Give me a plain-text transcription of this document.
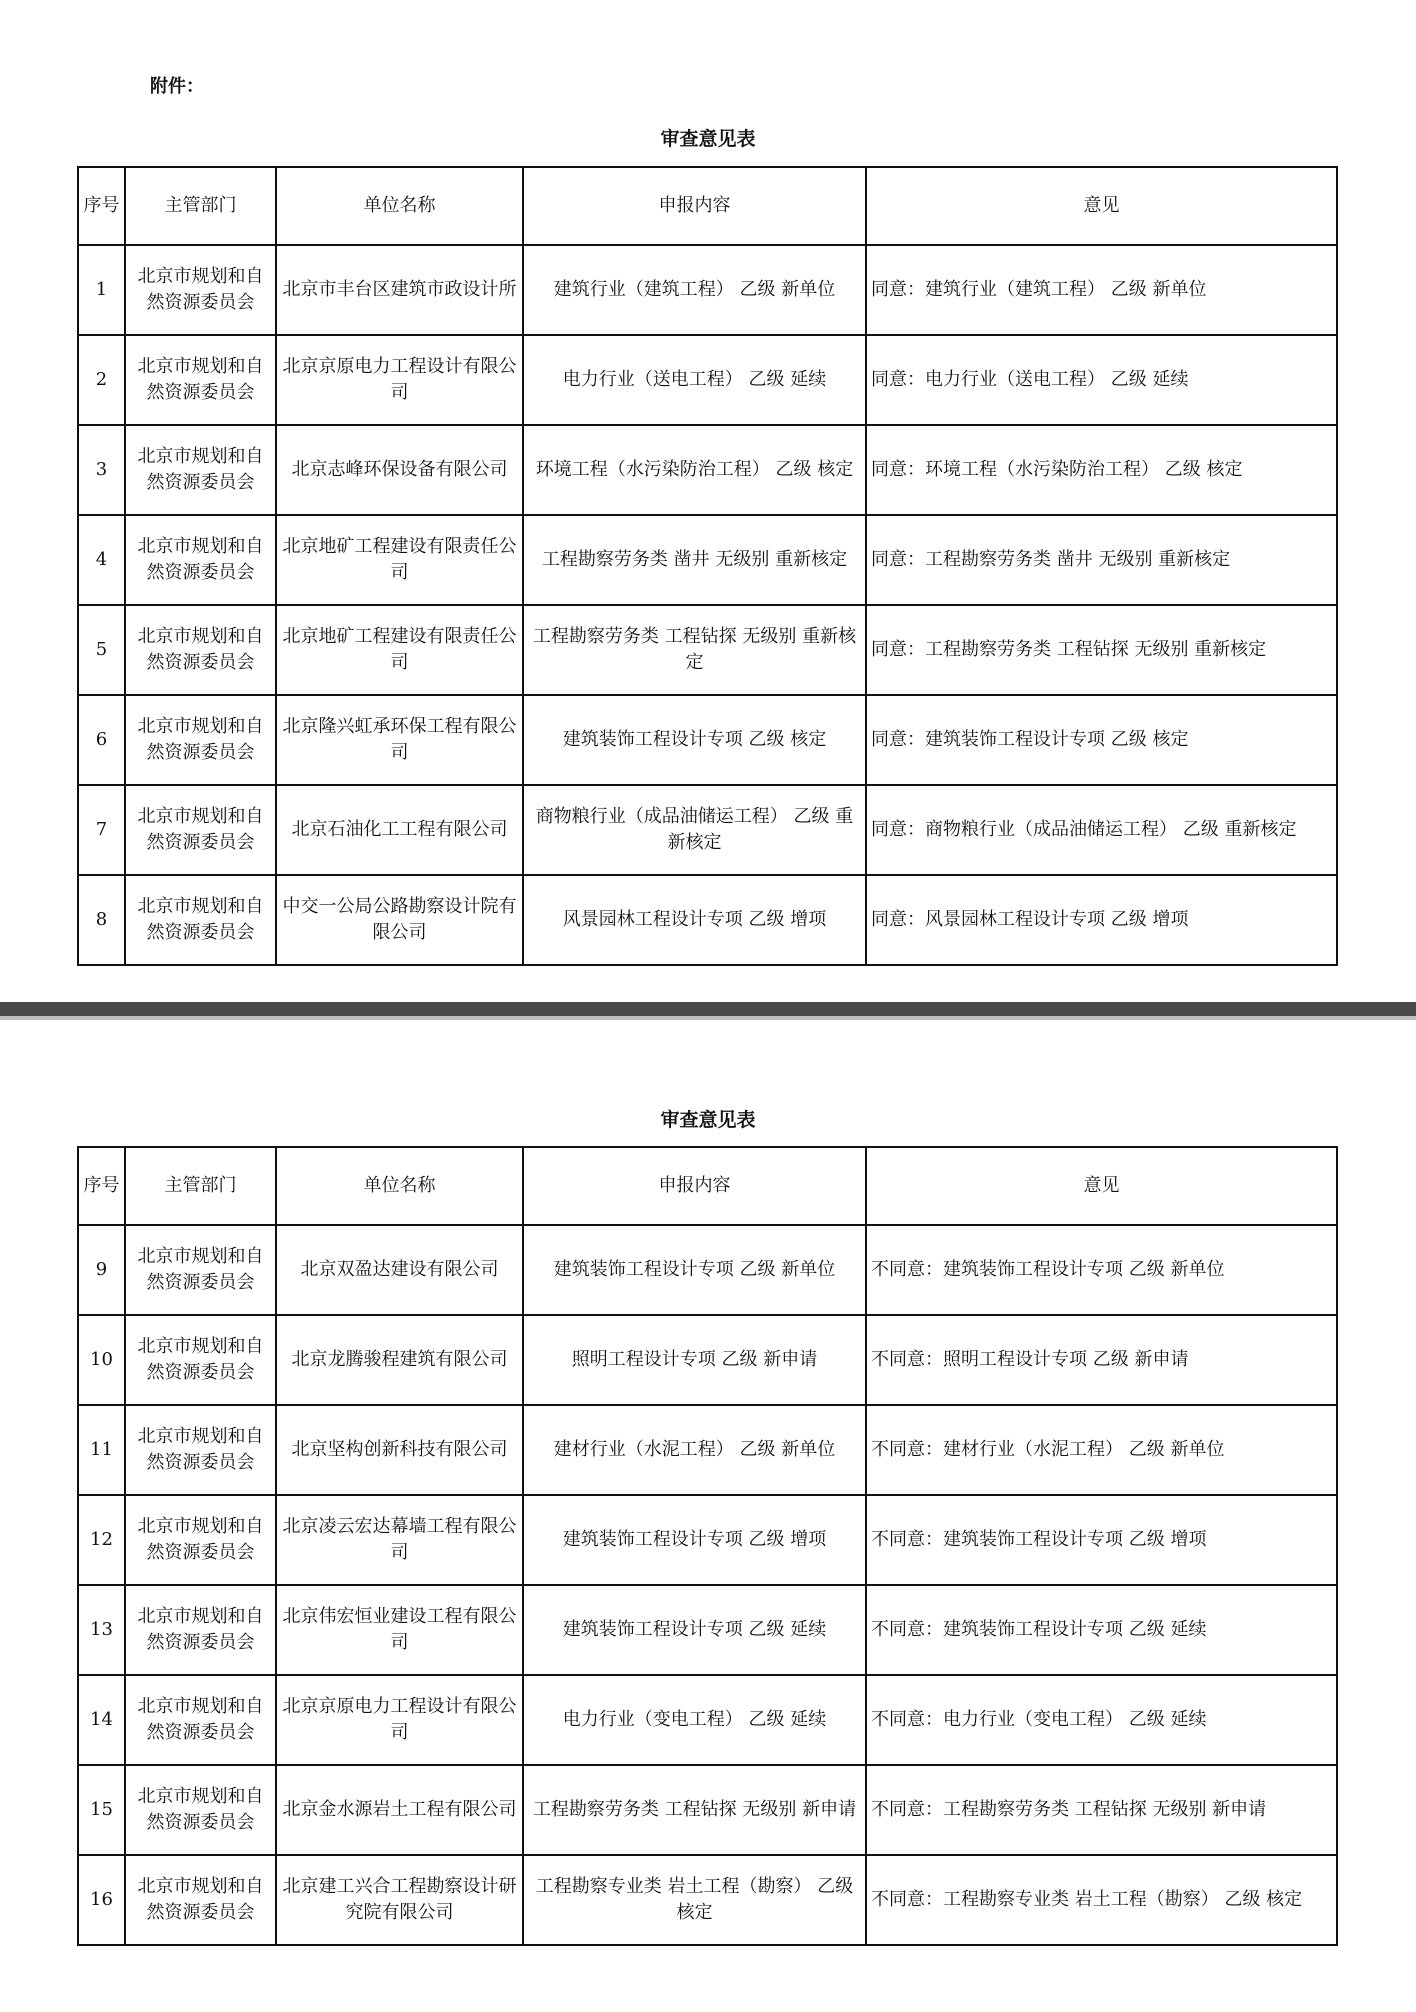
附件：
审查意见表
序号	主管部门	单位名称	申报内容	意见
1	北京市规划和自然资源委员会	北京市丰台区建筑市政设计所	建筑行业（建筑工程） 乙级 新单位	同意：建筑行业（建筑工程） 乙级 新单位
2	北京市规划和自然资源委员会	北京京原电力工程设计有限公司	电力行业（送电工程） 乙级 延续	同意：电力行业（送电工程） 乙级 延续
3	北京市规划和自然资源委员会	北京志峰环保设备有限公司	环境工程（水污染防治工程） 乙级 核定	同意：环境工程（水污染防治工程） 乙级 核定
4	北京市规划和自然资源委员会	北京地矿工程建设有限责任公司	工程勘察劳务类 凿井 无级别 重新核定	同意：工程勘察劳务类 凿井 无级别 重新核定
5	北京市规划和自然资源委员会	北京地矿工程建设有限责任公司	工程勘察劳务类 工程钻探 无级别 重新核定	同意：工程勘察劳务类 工程钻探 无级别 重新核定
6	北京市规划和自然资源委员会	北京隆兴虹承环保工程有限公司	建筑装饰工程设计专项 乙级 核定	同意：建筑装饰工程设计专项 乙级 核定
7	北京市规划和自然资源委员会	北京石油化工工程有限公司	商物粮行业（成品油储运工程） 乙级 重新核定	同意：商物粮行业（成品油储运工程） 乙级 重新核定
8	北京市规划和自然资源委员会	中交一公局公路勘察设计院有限公司	风景园林工程设计专项 乙级 增项	同意：风景园林工程设计专项 乙级 增项
审查意见表
序号	主管部门	单位名称	申报内容	意见
9	北京市规划和自然资源委员会	北京双盈达建设有限公司	建筑装饰工程设计专项 乙级 新单位	不同意：建筑装饰工程设计专项 乙级 新单位
10	北京市规划和自然资源委员会	北京龙腾骏程建筑有限公司	照明工程设计专项 乙级 新申请	不同意：照明工程设计专项 乙级 新申请
11	北京市规划和自然资源委员会	北京坚构创新科技有限公司	建材行业（水泥工程） 乙级 新单位	不同意：建材行业（水泥工程） 乙级 新单位
12	北京市规划和自然资源委员会	北京凌云宏达幕墙工程有限公司	建筑装饰工程设计专项 乙级 增项	不同意：建筑装饰工程设计专项 乙级 增项
13	北京市规划和自然资源委员会	北京伟宏恒业建设工程有限公司	建筑装饰工程设计专项 乙级 延续	不同意：建筑装饰工程设计专项 乙级 延续
14	北京市规划和自然资源委员会	北京京原电力工程设计有限公司	电力行业（变电工程） 乙级 延续	不同意：电力行业（变电工程） 乙级 延续
15	北京市规划和自然资源委员会	北京金水源岩土工程有限公司	工程勘察劳务类 工程钻探 无级别 新申请	不同意：工程勘察劳务类 工程钻探 无级别 新申请
16	北京市规划和自然资源委员会	北京建工兴合工程勘察设计研究院有限公司	工程勘察专业类 岩土工程（勘察） 乙级 核定	不同意：工程勘察专业类 岩土工程（勘察） 乙级 核定
